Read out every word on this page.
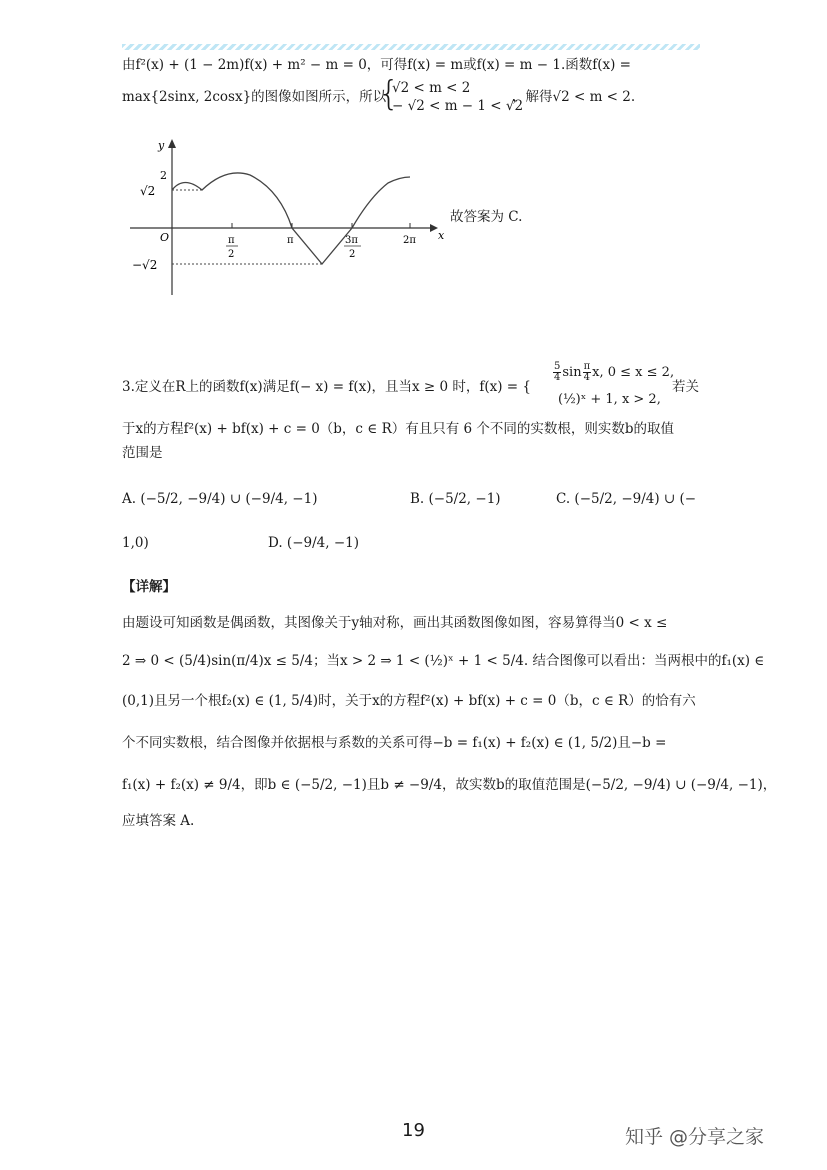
由f²(x) + (1 − 2m)f(x) + m² − m = 0，可得f(x) = m或f(x) = m − 1.函数f(x) =
max{2sinx, 2cosx}的图像如图所示，所以
{
√2 < m < 2
− √2 < m − 1 < √2
，解得√2 < m < 2.
y
x
O
2
√2
−√2
π
2
π	3π
2
2π
故答案为 C.
3.定义在R上的函数f(x)满足f(− x) = f(x)，且当x ≥ 0 时，f(x) = {
$\frac{5}{4}$ $\sin \frac{\pi}{4} x$, 0 ≤ x ≤ 2,
(½)ˣ + 1, x > 2,
若关
于x的方程f²(x) + bf(x) + c = 0（b，c ∈ R）有且只有 6 个不同的实数根，则实数b的取值
范围是
A. (−5/2, −9/4) ∪ (−9/4, −1)	B. (−5/2, −1)	C. (−5/2, −9/4) ∪ (−
1,0)	D. (−9/4, −1)
【详解】
由题设可知函数是偶函数，其图像关于y轴对称，画出其函数图像如图，容易算得当0 < x ≤
2 ⇒ 0 < (5/4)sin(π/4)x ≤ 5/4；当x > 2 ⇒ 1 < (½)ˣ + 1 < 5/4. 结合图像可以看出：当两根中的f₁(x) ∈
(0,1)且另一个根f₂(x) ∈ (1, 5/4)时，关于x的方程f²(x) + bf(x) + c = 0（b，c ∈ R）的恰有六
个不同实数根，结合图像并依据根与系数的关系可得−b = f₁(x) + f₂(x) ∈ (1, 5/2)且−b =
f₁(x) + f₂(x) ≠ 9/4，即b ∈ (−5/2, −1)且b ≠ −9/4，故实数b的取值范围是(−5/2, −9/4) ∪ (−9/4, −1)，
应填答案 A.
19	知乎 @分享之家
